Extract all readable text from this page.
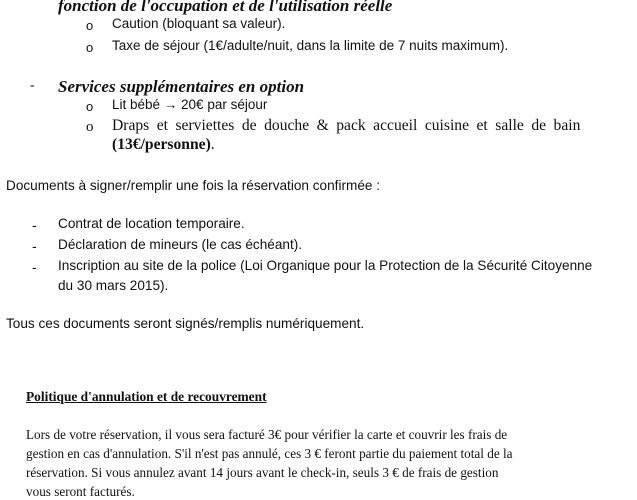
fonction de l'occupation et de l'utilisation réelle
o Caution (bloquant sa valeur).
o Taxe de séjour (1€/adulte/nuit, dans la limite de 7 nuits maximum).
- Services supplémentaires en option
o Lit bébé → 20€ par séjour
o Draps et serviettes de douche & pack accueil cuisine et salle de bain
(13€/personne).
Documents à signer/remplir une fois la réservation confirmée :
- Contrat de location temporaire.
- Déclaration de mineurs (le cas échéant).
- Inscription au site de la police (Loi Organique pour la Protection de la Sécurité Citoyenne
du 30 mars 2015).
Tous ces documents seront signés/remplis numériquement.
Politique d'annulation et de recouvrement
Lors de votre réservation, il vous sera facturé 3€ pour vérifier la carte et couvrir les frais de
gestion en cas d'annulation. S'il n'est pas annulé, ces 3 € feront partie du paiement total de la
réservation. Si vous annulez avant 14 jours avant le check-in, seuls 3 € de frais de gestion
vous seront facturés.
